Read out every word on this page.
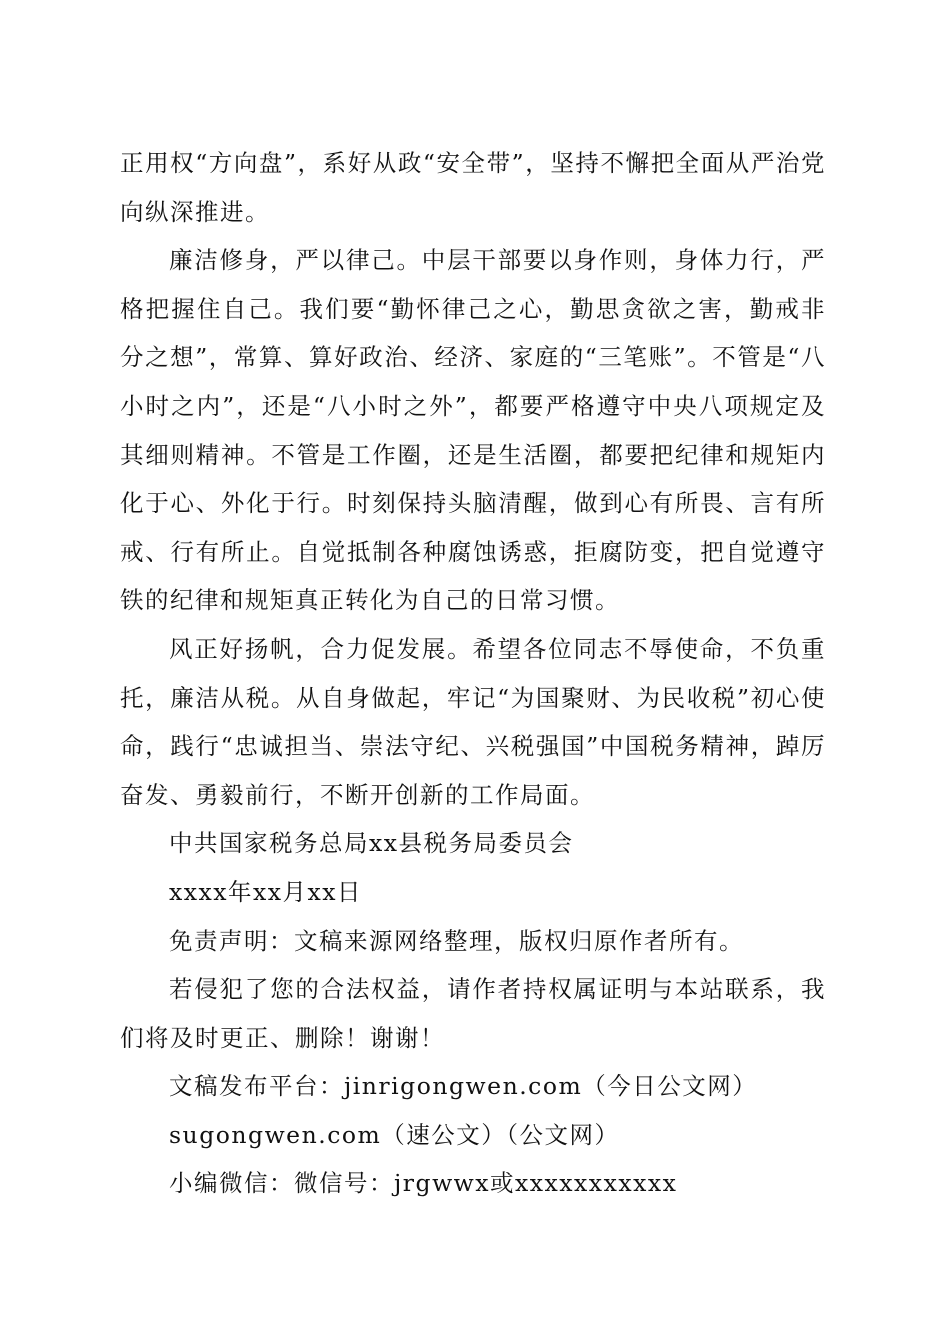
正用权“方向盘”，系好从政“安全带”，坚持不懈把全面从严治党向纵深推进。

廉洁修身，严以律己。中层干部要以身作则，身体力行，严格把握住自己。我们要“勤怀律己之心，勤思贪欲之害，勤戒非分之想”，常算、算好政治、经济、家庭的“三笔账”。不管是“八小时之内”，还是“八小时之外”，都要严格遵守中央八项规定及其细则精神。不管是工作圈，还是生活圈，都要把纪律和规矩内化于心、外化于行。时刻保持头脑清醒，做到心有所畏、言有所戒、行有所止。自觉抵制各种腐蚀诱惑，拒腐防变，把自觉遵守铁的纪律和规矩真正转化为自己的日常习惯。

风正好扬帆，合力促发展。希望各位同志不辱使命，不负重托，廉洁从税。从自身做起，牢记“为国聚财、为民收税”初心使命，践行“忠诚担当、崇法守纪、兴税强国”中国税务精神，踔厉奋发、勇毅前行，不断开创新的工作局面。

中共国家税务总局xx县税务局委员会

xxxx年xx月xx日

免责声明：文稿来源网络整理，版权归原作者所有。

若侵犯了您的合法权益，请作者持权属证明与本站联系，我们将及时更正、删除！谢谢！

文稿发布平台：jinrigongwen.com（今日公文网）

sugongwen.com（速公文）（公文网）

小编微信：微信号：jrgwwx或xxxxxxxxxxx
